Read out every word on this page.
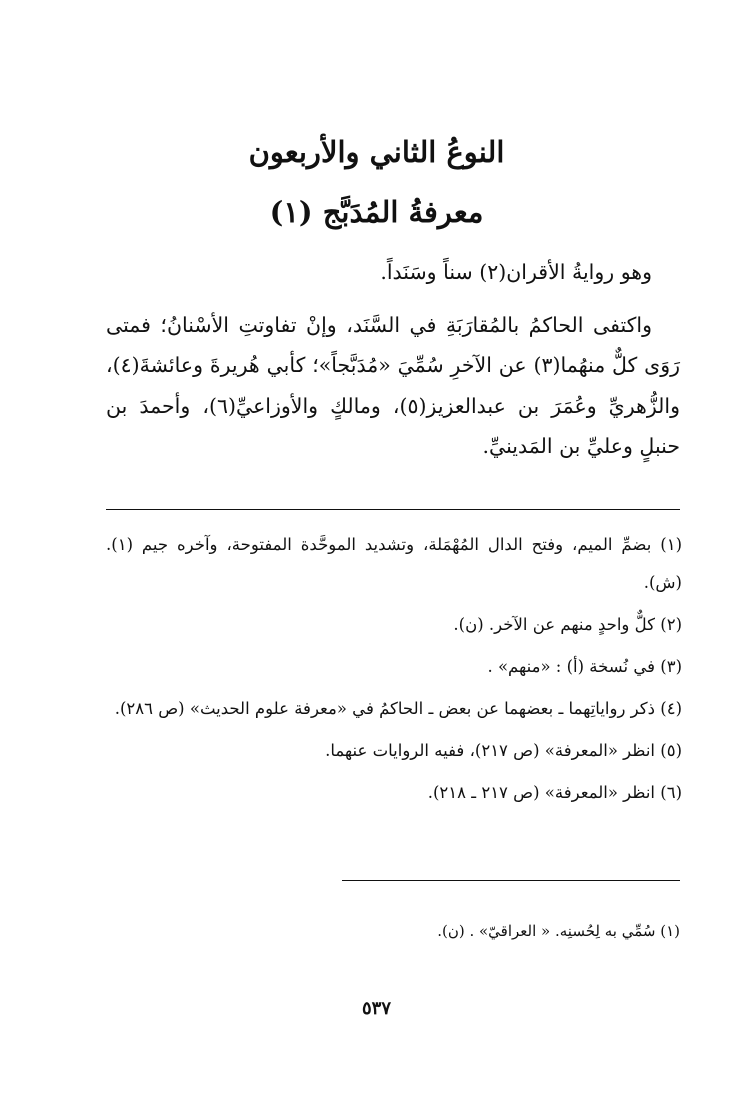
النوعُ الثاني والأربعون
معرفةُ المُدَبَّج (١)

وهو روايةُ الأقران(٢) سناً وسَنَداً.

واكتفى الحاكمُ بالمُقارَبَةِ في السَّنَد، وإنْ تفاوتتِ الأسْنانُ؛ فمتى رَوَى كلٌّ منهُما(٣) عن الآخرِ سُمِّيَ «مُدَبَّجاً»؛ كأبي هُريرةَ وعائشةَ(٤)، والزُّهريِّ وعُمَرَ بن عبدالعزيز(٥)، ومالكٍ والأوزاعيِّ(٦)، وأحمدَ بن حنبلٍ وعليِّ بن المَدينيِّ.

(١) بضمِّ الميم، وفتح الدال المُهْمَلة، وتشديد الموحَّدة المفتوحة، وآخره جيم (١). (ش).
(٢) كلٌّ واحدٍ منهم عن الآخر. (ن).
(٣) في نُسخة (أ) : «منهم» .
(٤) ذكر رواياتِهما ـ بعضهما عن بعض ـ الحاكمُ في «معرفة علوم الحديث» (ص ٢٨٦).
(٥) انظر «المعرفة» (ص ٢١٧)، ففيه الروايات عنهما.
(٦) انظر «المعرفة» (ص ٢١٧ ـ ٢١٨).
(١) سُمِّي به لِحُسنِه. « العراقيّ» . (ن).
٥٣٧
